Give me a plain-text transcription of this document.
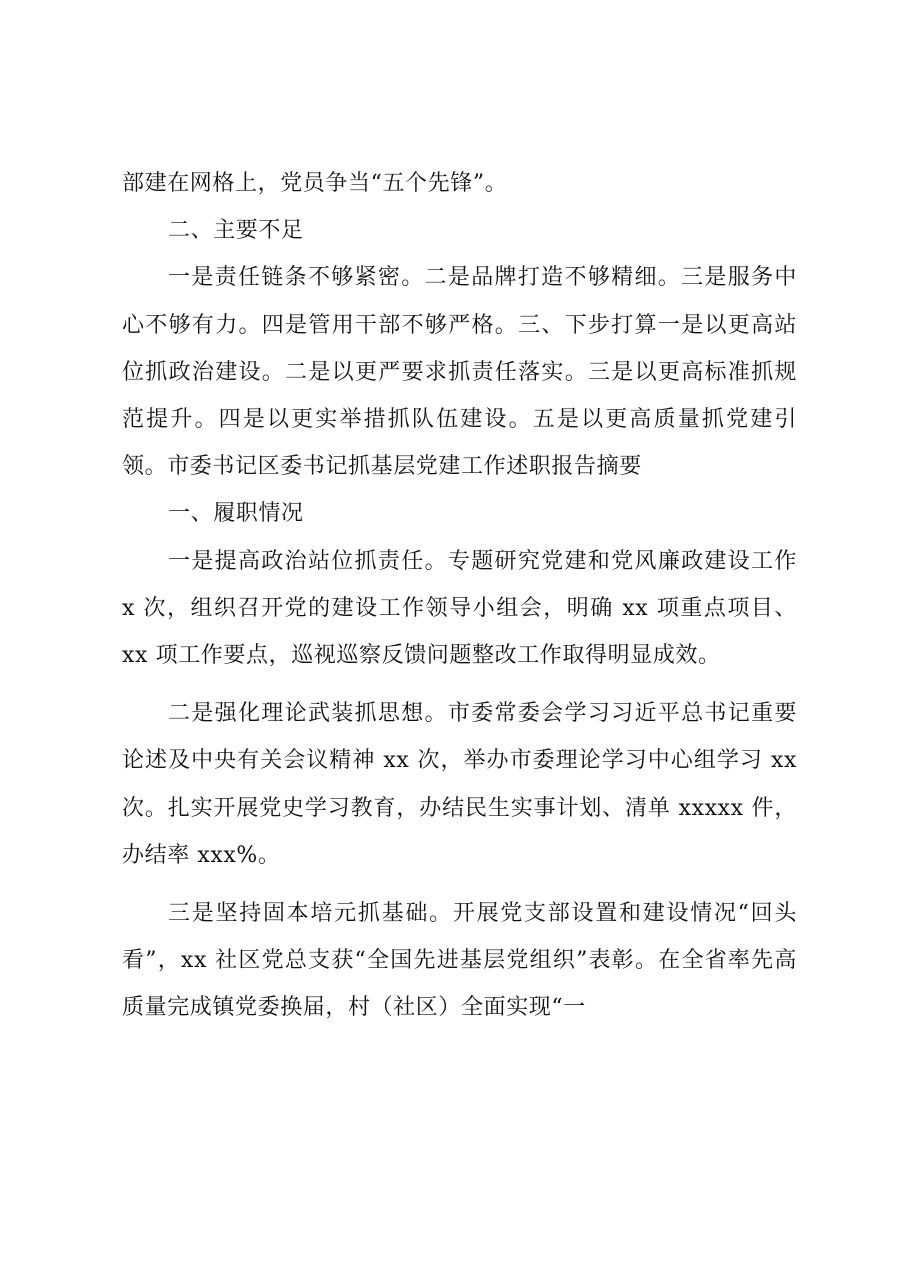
部建在网格上，党员争当“五个先锋”。

二、主要不足

一是责任链条不够紧密。二是品牌打造不够精细。三是服务中心不够有力。四是管用干部不够严格。三、下步打算一是以更高站位抓政治建设。二是以更严要求抓责任落实。三是以更高标准抓规范提升。四是以更实举措抓队伍建设。五是以更高质量抓党建引领。市委书记区委书记抓基层党建工作述职报告摘要

一、履职情况

一是提高政治站位抓责任。专题研究党建和党风廉政建设工作 x 次，组织召开党的建设工作领导小组会，明确 xx 项重点项目、xx 项工作要点，巡视巡察反馈问题整改工作取得明显成效。

二是强化理论武装抓思想。市委常委会学习习近平总书记重要论述及中央有关会议精神 xx 次，举办市委理论学习中心组学习 xx 次。扎实开展党史学习教育，办结民生实事计划、清单 xxxxx 件，办结率 xxx%。

三是坚持固本培元抓基础。开展党支部设置和建设情况“回头看”，xx 社区党总支获“全国先进基层党组织”表彰。在全省率先高质量完成镇党委换届，村（社区）全面实现“一
